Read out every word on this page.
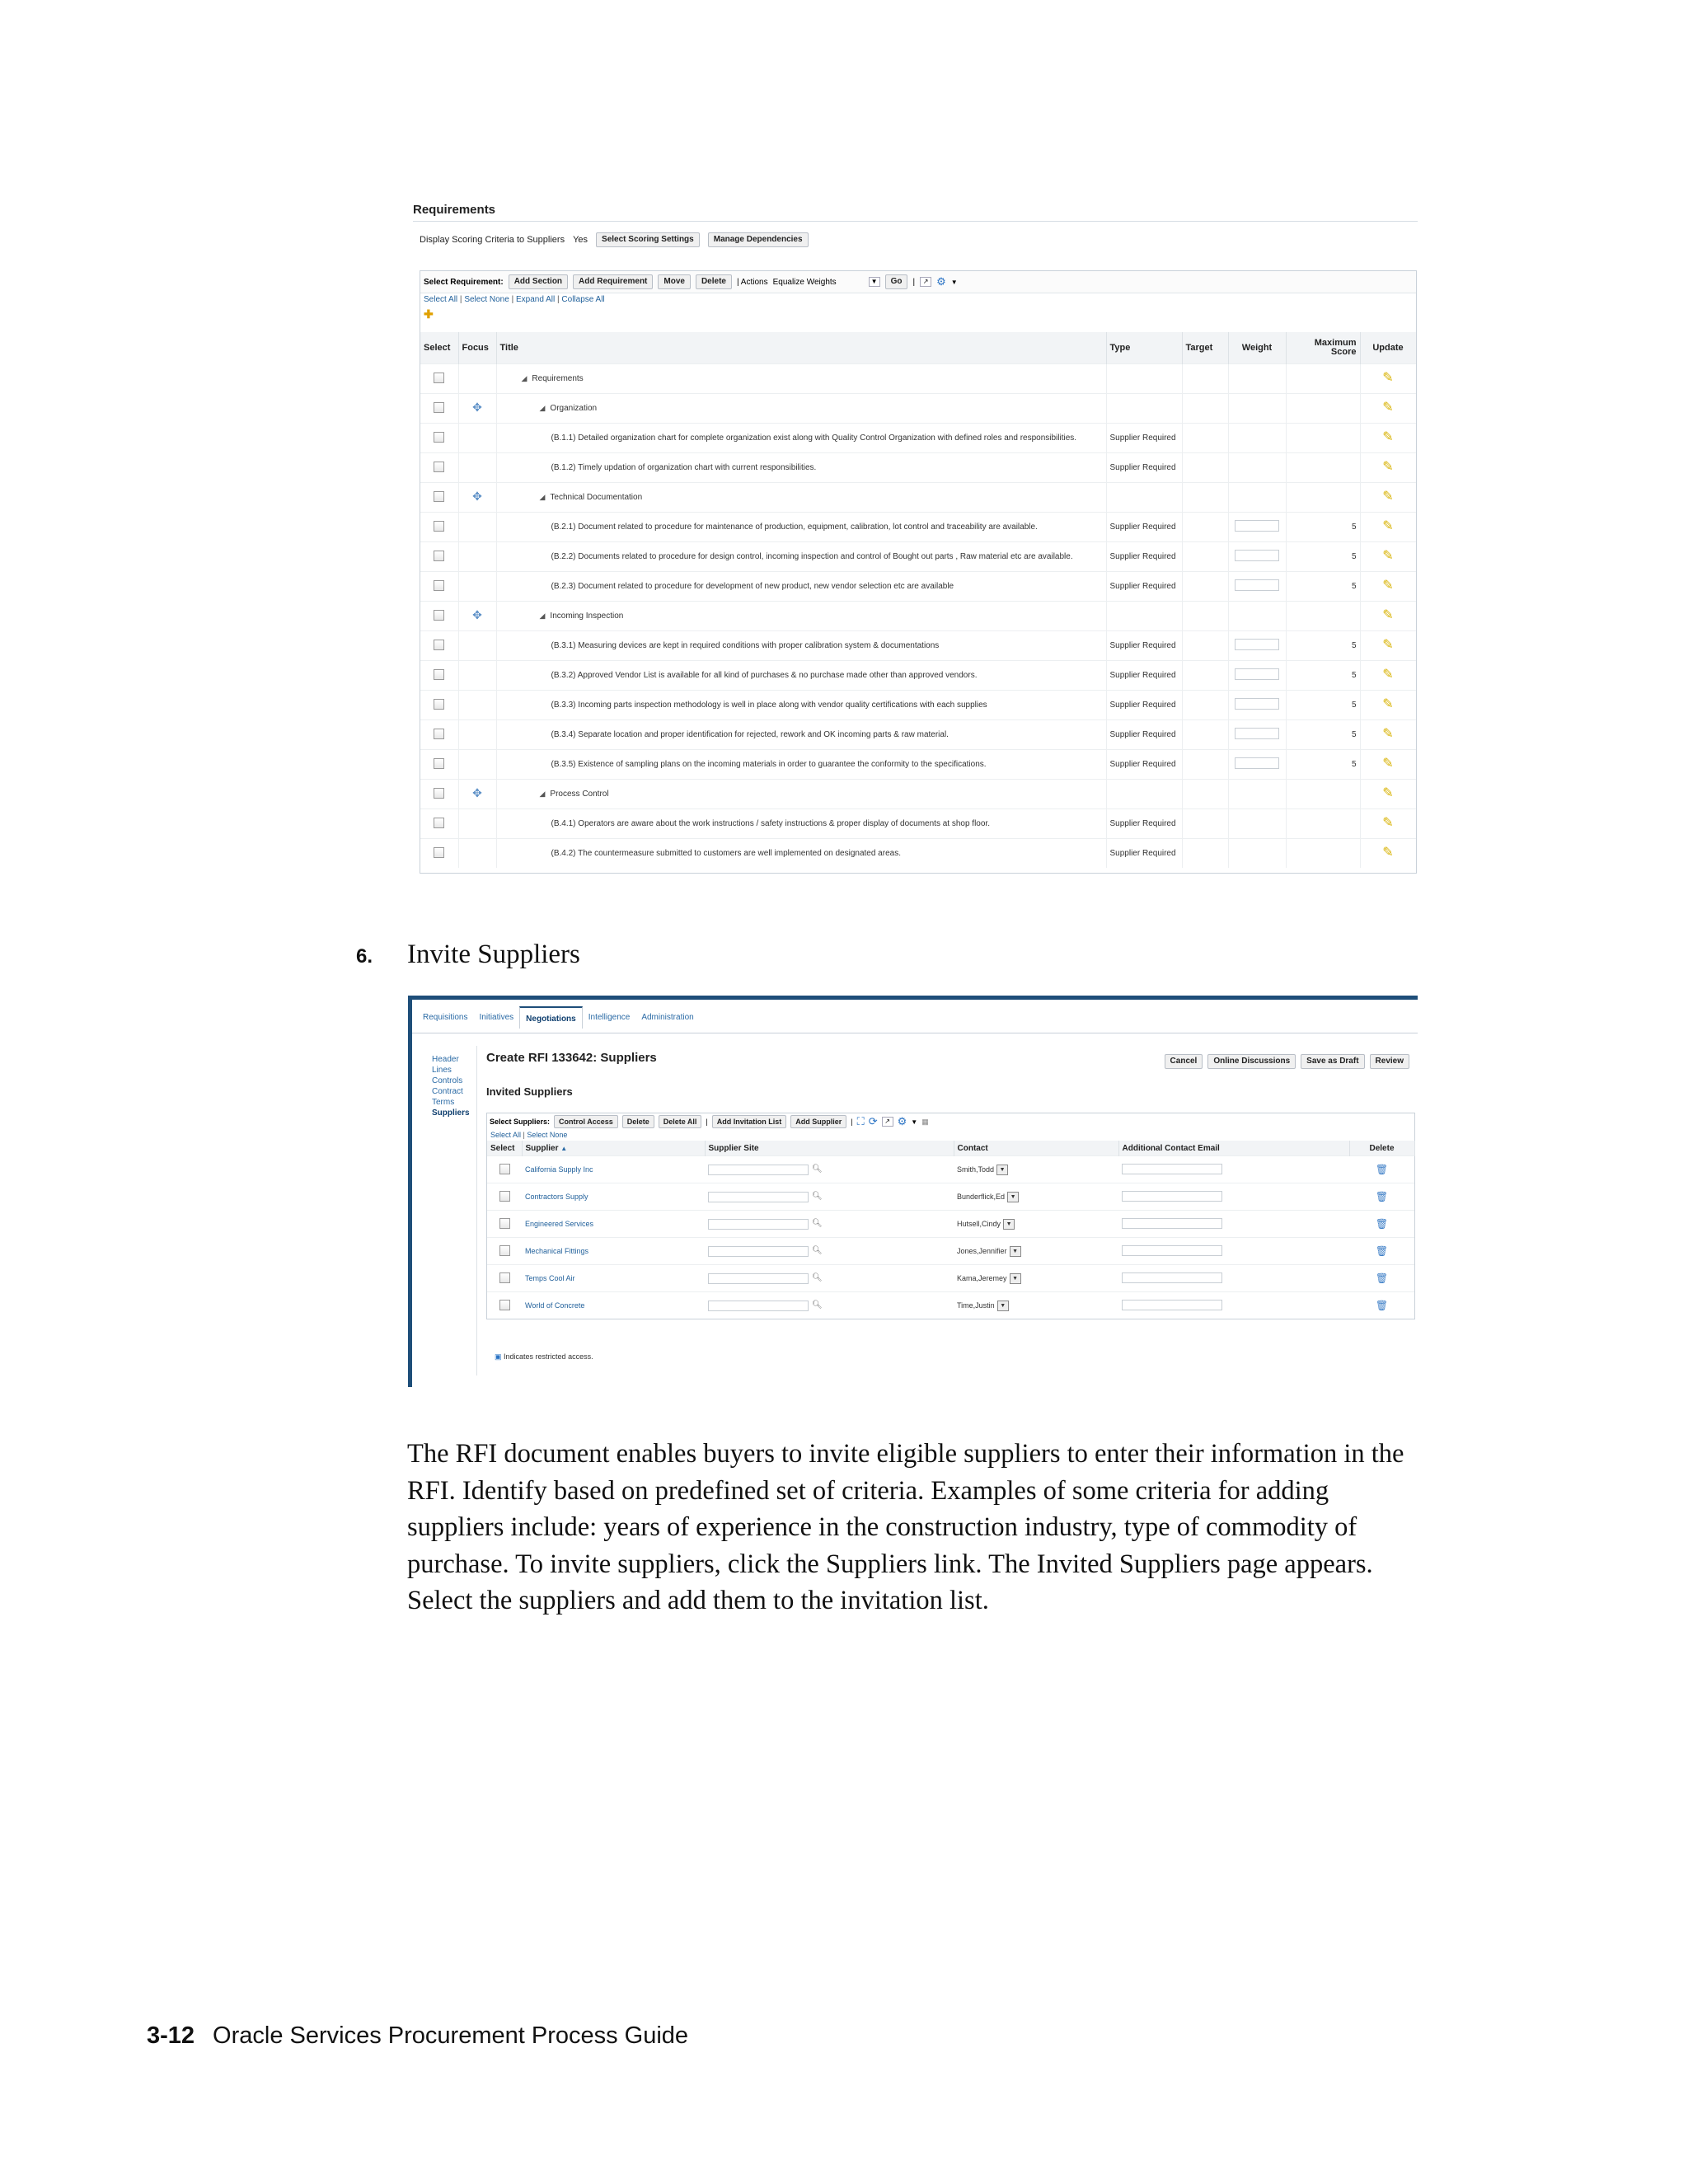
Requirements
Display Scoring Criteria to Suppliers Yes	Select Scoring Settings	Manage Dependencies
Select Requirement:	Add Section	Add Requirement	Move	Delete	| Actions Equalize Weights	▼	Go	|	↗ ⚙ ▼
Select All | Select None | Expand All | Collapse All
✚
Select	Focus	Title	Type	Target	Weight	Maximum Score	Update
		◢ Requirements					✎
	✥	◢ Organization					✎
		(B.1.1) Detailed organization chart for complete organization exist along with Quality Control Organization with defined roles and responsibilities.	Supplier Required				✎
		(B.1.2) Timely updation of organization chart with current responsibilities.	Supplier Required				✎
	✥	◢ Technical Documentation					✎
		(B.2.1) Document related to procedure for maintenance of production, equipment, calibration, lot control and traceability are available.	Supplier Required			5	✎
		(B.2.2) Documents related to procedure for design control, incoming inspection and control of Bought out parts , Raw material etc are available.	Supplier Required			5	✎
		(B.2.3) Document related to procedure for development of new product, new vendor selection etc are available	Supplier Required			5	✎
	✥	◢ Incoming Inspection					✎
		(B.3.1) Measuring devices are kept in required conditions with proper calibration system & documentations	Supplier Required			5	✎
		(B.3.2) Approved Vendor List is available for all kind of purchases & no purchase made other than approved vendors.	Supplier Required			5	✎
		(B.3.3) Incoming parts inspection methodology is well in place along with vendor quality certifications with each supplies	Supplier Required			5	✎
		(B.3.4) Separate location and proper identification for rejected, rework and OK incoming parts & raw material.	Supplier Required			5	✎
		(B.3.5) Existence of sampling plans on the incoming materials in order to guarantee the conformity to the specifications.	Supplier Required			5	✎
	✥	◢ Process Control					✎
		(B.4.1) Operators are aware about the work instructions / safety instructions & proper display of documents at shop floor.	Supplier Required				✎
		(B.4.2) The countermeasure submitted to customers are well implemented on designated areas.	Supplier Required				✎
6. Invite Suppliers
Requisitions	Initiatives	Negotiations	Intelligence	Administration
Header
Lines
Controls
Contract Terms
Suppliers
Create RFI 133642: Suppliers	Cancel	Online Discussions	Save as Draft	Review
Invited Suppliers
Select Suppliers:	Control Access	Delete	Delete All	|	Add Invitation List	Add Supplier	| ⛶ ⟳	↗ ⚙ ▼ ▦
Select All | Select None
Select	Supplier ▲	Supplier Site	Contact	Additional Contact Email	Delete
	California Supply Inc	🔍︎	Smith,Todd ▼		🗑︎
	Contractors Supply	🔍︎	Bunderflick,Ed ▼		🗑︎
	Engineered Services	🔍︎	Hutsell,Cindy ▼		🗑︎
	Mechanical Fittings	🔍︎	Jones,Jennifier ▼		🗑︎
	Temps Cool Air	🔍︎	Kama,Jeremey ▼		🗑︎
	World of Concrete	🔍︎	Time,Justin ▼		🗑︎
▣ Indicates restricted access.
The RFI document enables buyers to invite eligible suppliers to enter their information in the RFI. Identify based on predefined set of criteria. Examples of some criteria for adding suppliers include: years of experience in the construction industry, type of commodity of purchase. To invite suppliers, click the Suppliers link. The Invited Suppliers page appears. Select the suppliers and add them to the invitation list.
3-12 Oracle Services Procurement Process Guide
